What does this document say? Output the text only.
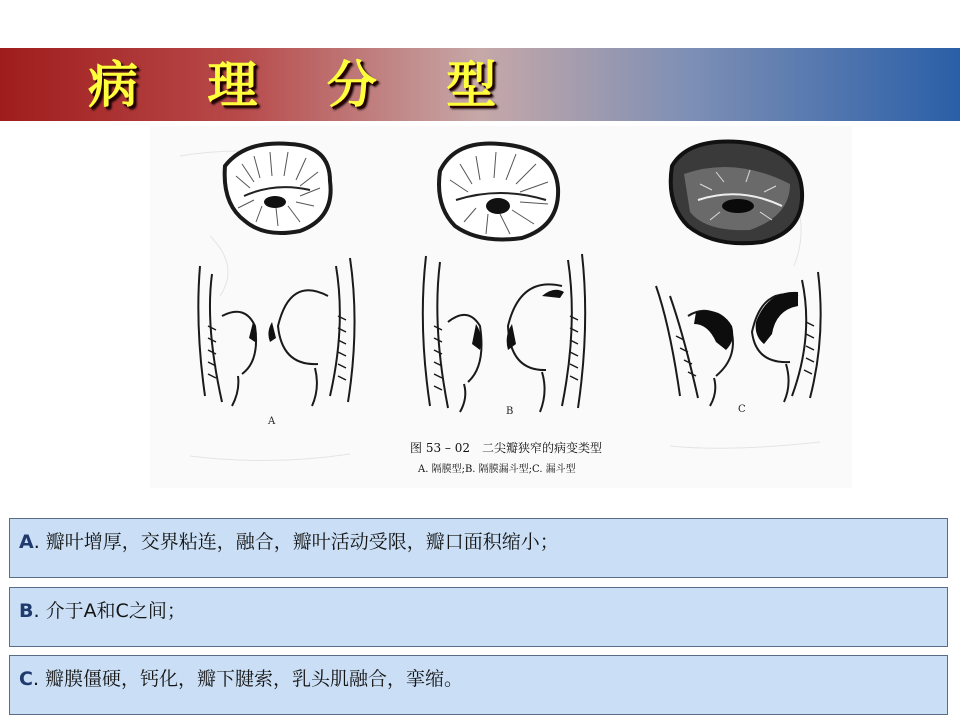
病 理 分 型
A
B	C
图 53 – 02　二尖瓣狭窄的病变类型
A. 隔膜型;B. 隔膜漏斗型;C. 漏斗型
A. 瓣叶增厚，交界粘连，融合，瓣叶活动受限，瓣口面积缩小；
B. 介于A和C之间；
C. 瓣膜僵硬，钙化，瓣下腱索，乳头肌融合，挛缩。
